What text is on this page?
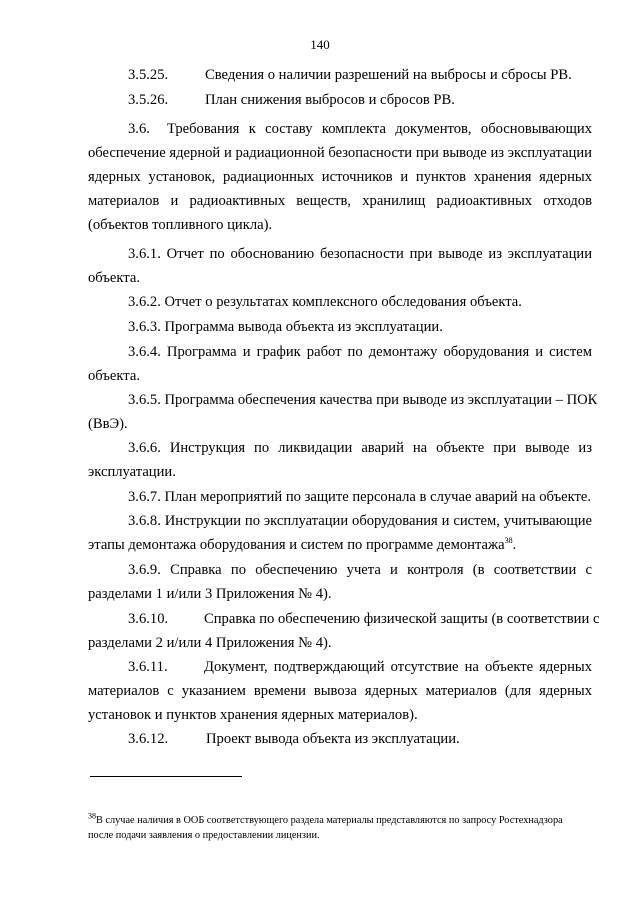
140
3.5.25.	Сведения о наличии разрешений на выбросы и сбросы РВ.
3.5.26.	План снижения выбросов и сбросов РВ.
3.6.	Требования к составу комплекта документов, обосновывающих
обеспечение ядерной и радиационной безопасности при выводе из эксплуатации
ядерных установок, радиационных источников и пунктов хранения ядерных
материалов и радиоактивных веществ, хранилищ радиоактивных отходов
(объектов топливного цикла).
3.6.1. Отчет по обоснованию безопасности при выводе из эксплуатации
объекта.
3.6.2. Отчет о результатах комплексного обследования объекта.
3.6.3. Программа вывода объекта из эксплуатации.
3.6.4. Программа и график работ по демонтажу оборудования и систем
объекта.
3.6.5. Программа обеспечения качества при выводе из эксплуатации – ПОК
(ВвЭ).
3.6.6. Инструкция по ликвидации аварий на объекте при выводе из
эксплуатации.
3.6.7. План мероприятий по защите персонала в случае аварий на объекте.
3.6.8. Инструкции по эксплуатации оборудования и систем, учитывающие
этапы демонтажа оборудования и систем по программе демонтажа$^{38}$.
3.6.9. Справка по обеспечению учета и контроля (в соответствии с
разделами 1 и/или 3 Приложения № 4).
3.6.10.	Справка по обеспечению физической защиты (в соответствии с
разделами 2 и/или 4 Приложения № 4).
3.6.11.	Документ, подтверждающий отсутствие на объекте ядерных
материалов с указанием времени вывоза ядерных материалов (для ядерных
установок и пунктов хранения ядерных материалов).
3.6.12.	Проект вывода объекта из эксплуатации.
$^{38}$В случае наличия в ООБ соответствующего раздела материалы представляются по запросу Ростехнадзора
после подачи заявления о предоставлении лицензии.
